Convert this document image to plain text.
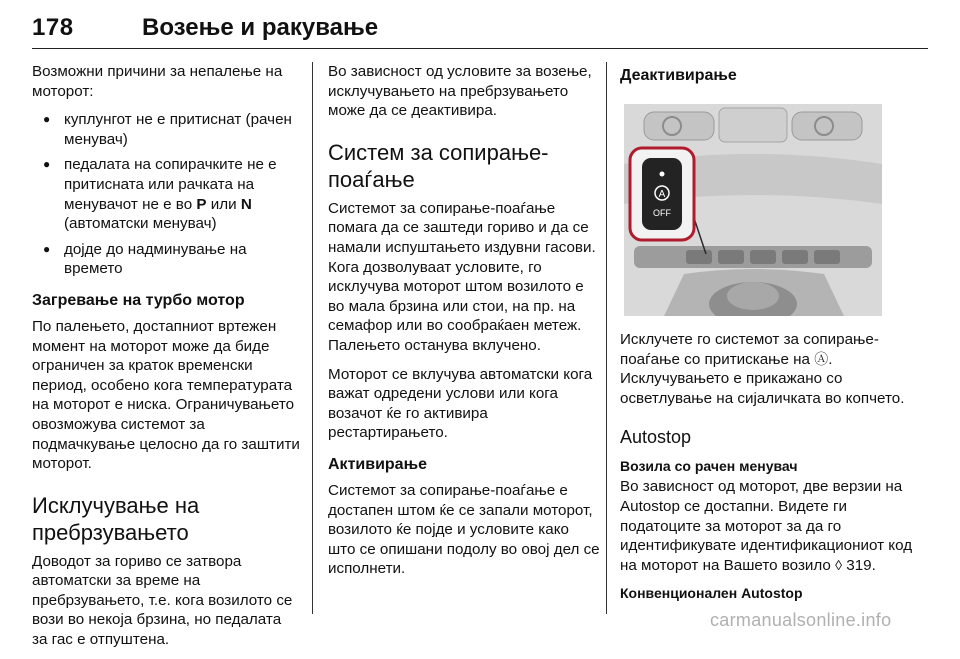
178	Возење и ракување

Возможни причини за непалење на моторот:

● куплунгот не е притиснат (рачен менувач)
● педалата на сопирачките не е притисната или рачката на менувачот не е во P или N (автоматски менувач)
● дојде до надминување на времето
Загревање на турбо мотор

По палењето, достапниот вртежен момент на моторот може да биде ограничен за краток временски период, особено кога температурата на моторот е ниска. Ограничувањето овозможува системот за подмачкување целосно да го заштити моторот.

Исклучување на пребрзувањето

Доводот за гориво се затвора автоматски за време на пребрзувањето, т.е. кога возилото се вози во некоја брзина, но педалата за гас е отпуштена.

Во зависност од условите за возење, исклучувањето на пребрзувањето може да се деактивира.

Систем за сопирање-поаѓање

Системот за сопирање-поаѓање помага да се заштеди гориво и да се намали испуштањето издувни гасови. Кога дозволуваат условите, го исклучува моторот штом возилото е во мала брзина или стои, на пр. на семафор или во сообраќаен метеж. Палењето останува вклучено.

Моторот се вклучува автоматски кога важат одредени услови или кога возачот ќе го активира рестартирањето.

Активирање

Системот за сопирање-поаѓање е достапен штом ќе се запали моторот, возилото ќе појде и условите како што се опишани подолу во овој дел се исполнети.

Деактивирање
A
OFF

Исклучете го системот за сопирање-поаѓање со притискање на Ⓐ. Исклучувањето е прикажано со осветлување на сијаличката во копчето.

Autostop
Возила со рачен менувач

Во зависност од моторот, две верзии на Autostop се достапни. Видете ги податоците за моторот за да го идентификувате идентификациониот код на моторот на Вашето возило ◊ 319.

Конвенционален Autostop
carmanualsonline.info
